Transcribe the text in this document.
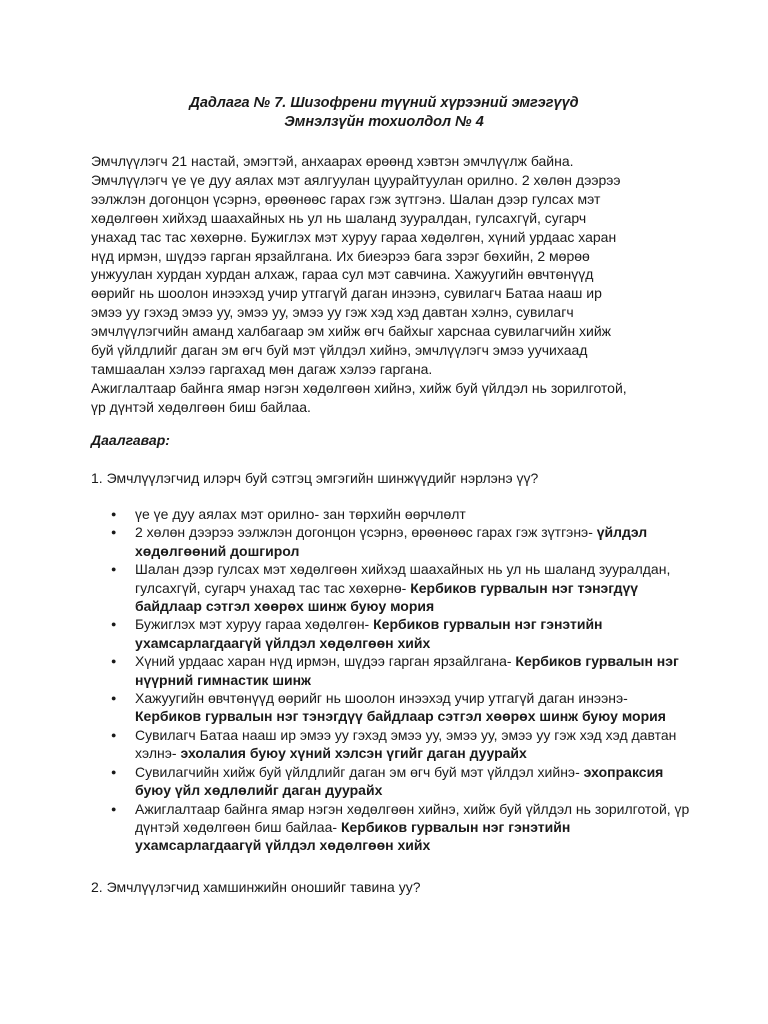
Дадлага № 7. Шизофрени түүний хүрээний эмгэгүүд
Эмнэлзүйн тохиолдол № 4
Эмчлүүлэгч 21 настай, эмэгтэй, анхаарах өрөөнд хэвтэн эмчлүүлж байна.
Эмчлүүлэгч үе үе дуу аялах мэт аялгуулан цуурайтуулан орилно. 2 хөлөн дээрээ
ээлжлэн догонцон үсэрнэ, өрөөнөөс гарах гэж зүтгэнэ. Шалан дээр гулсах мэт
хөдөлгөөн хийхэд шаахайных нь ул нь шаланд зууралдан, гулсахгүй, сугарч
унахад тас тас хөхөрнө. Бужиглэх мэт хуруу гараа хөдөлгөн, хүний урдаас харан
нүд ирмэн, шүдээ гарган ярзайлгана. Их биеэрээ бага зэрэг бөхийн, 2 мөрөө
унжуулан хурдан хурдан алхаж, гараа сул мэт савчина. Хажуугийн өвчтөнүүд
өөрийг нь шоолон инээхэд учир утгагүй даган инээнэ, сувилагч Батаа нааш ир
эмээ уу гэхэд эмээ уу, эмээ уу, эмээ уу гэж хэд хэд давтан хэлнэ, сувилагч
эмчлүүлэгчийн аманд халбагаар эм хийж өгч байхыг харснаа сувилагчийн хийж
буй үйлдлийг даган эм өгч буй мэт үйлдэл хийнэ, эмчлүүлэгч эмээ уучихаад
тамшаалан хэлээ гаргахад мөн дагаж хэлээ гаргана.
Ажиглалтаар байнга ямар нэгэн хөдөлгөөн хийнэ, хийж буй үйлдэл нь зорилготой,
үр дүнтэй хөдөлгөөн биш байлаа.
Даалгавар:
1. Эмчлүүлэгчид илэрч буй сэтгэц эмгэгийн шинжүүдийг нэрлэнэ үү?
● үе үе дуу аялах мэт орилно- зан төрхийн өөрчлөлт
● 2 хөлөн дээрээ ээлжлэн догонцон үсэрнэ, өрөөнөөс гарах гэж зүтгэнэ- үйлдэл хөдөлгөөний дошгирол
● Шалан дээр гулсах мэт хөдөлгөөн хийхэд шаахайных нь ул нь шаланд зууралдан, гулсахгүй, сугарч унахад тас тас хөхөрнө- Кербиков гурвалын нэг тэнэгдүү байдлаар сэтгэл хөөрөх шинж буюу мория
● Бужиглэх мэт хуруу гараа хөдөлгөн- Кербиков гурвалын нэг гэнэтийн ухамсарлагдаагүй үйлдэл хөдөлгөөн хийх
● Хүний урдаас харан нүд ирмэн, шүдээ гарган ярзайлгана- Кербиков гурвалын нэг нүүрний гимнастик шинж
● Хажуугийн өвчтөнүүд өөрийг нь шоолон инээхэд учир утгагүй даган инээнэ- Кербиков гурвалын нэг тэнэгдүү байдлаар сэтгэл хөөрөх шинж буюу мория
● Сувилагч Батаа нааш ир эмээ уу гэхэд эмээ уу, эмээ уу, эмээ уу гэж хэд хэд давтан хэлнэ- эхолалия буюу хүний хэлсэн үгийг даган дуурайх
● Сувилагчийн хийж буй үйлдлийг даган эм өгч буй мэт үйлдэл хийнэ- эхопраксия буюу үйл хөдлөлийг даган дуурайх
● Ажиглалтаар байнга ямар нэгэн хөдөлгөөн хийнэ, хийж буй үйлдэл нь зорилготой, үр дүнтэй хөдөлгөөн биш байлаа- Кербиков гурвалын нэг гэнэтийн ухамсарлагдаагүй үйлдэл хөдөлгөөн хийх
2. Эмчлүүлэгчид хамшинжийн оношийг тавина уу?
